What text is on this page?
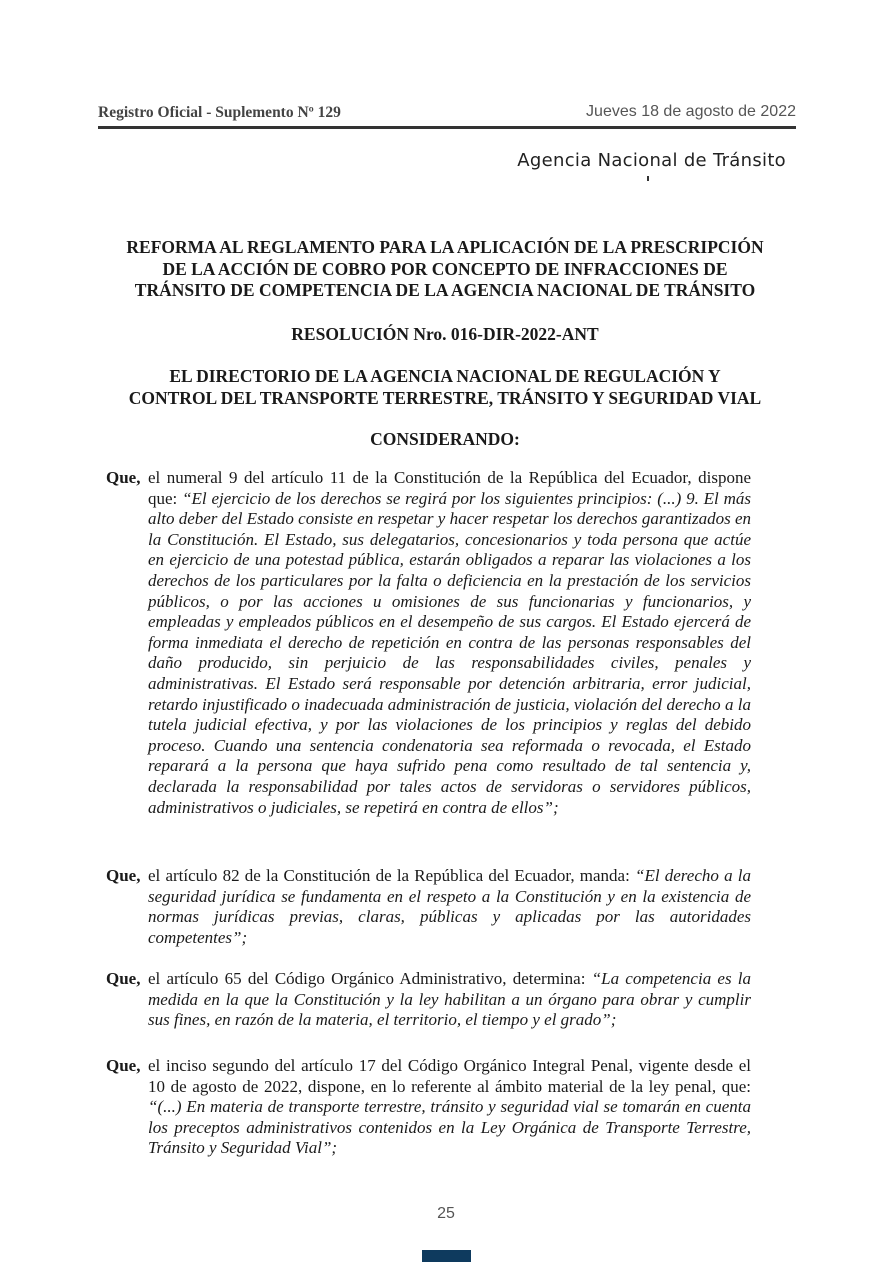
Registro Oficial - Suplemento Nº 129	Jueves 18 de agosto de 2022
Agencia Nacional de Tránsito
REFORMA AL REGLAMENTO PARA LA APLICACIÓN DE LA PRESCRIPCIÓN
DE LA ACCIÓN DE COBRO POR CONCEPTO DE INFRACCIONES DE
TRÁNSITO DE COMPETENCIA DE LA AGENCIA NACIONAL DE TRÁNSITO
RESOLUCIÓN Nro. 016-DIR-2022-ANT
EL DIRECTORIO DE LA AGENCIA NACIONAL DE REGULACIÓN Y
CONTROL DEL TRANSPORTE TERRESTRE, TRÁNSITO Y SEGURIDAD VIAL
CONSIDERANDO:
Que, el numeral 9 del artículo 11 de la Constitución de la República del Ecuador, dispone que: “El ejercicio de los derechos se regirá por los siguientes principios: (...) 9. El más alto deber del Estado consiste en respetar y hacer respetar los derechos garantizados en la Constitución. El Estado, sus delegatarios, concesionarios y toda persona que actúe en ejercicio de una potestad pública, estarán obligados a reparar las violaciones a los derechos de los particulares por la falta o deficiencia en la prestación de los servicios públicos, o por las acciones u omisiones de sus funcionarias y funcionarios, y empleadas y empleados públicos en el desempeño de sus cargos. El Estado ejercerá de forma inmediata el derecho de repetición en contra de las personas responsables del daño producido, sin perjuicio de las responsabilidades civiles, penales y administrativas. El Estado será responsable por detención arbitraria, error judicial, retardo injustificado o inadecuada administración de justicia, violación del derecho a la tutela judicial efectiva, y por las violaciones de los principios y reglas del debido proceso. Cuando una sentencia condenatoria sea reformada o revocada, el Estado reparará a la persona que haya sufrido pena como resultado de tal sentencia y, declarada la responsabilidad por tales actos de servidoras o servidores públicos, administrativos o judiciales, se repetirá en contra de ellos”;
Que, el artículo 82 de la Constitución de la República del Ecuador, manda: “El derecho a la seguridad jurídica se fundamenta en el respeto a la Constitución y en la existencia de normas jurídicas previas, claras, públicas y aplicadas por las autoridades competentes”;
Que, el artículo 65 del Código Orgánico Administrativo, determina: “La competencia es la medida en la que la Constitución y la ley habilitan a un órgano para obrar y cumplir sus fines, en razón de la materia, el territorio, el tiempo y el grado”;
Que, el inciso segundo del artículo 17 del Código Orgánico Integral Penal, vigente desde el 10 de agosto de 2022, dispone, en lo referente al ámbito material de la ley penal, que: “(...) En materia de transporte terrestre, tránsito y seguridad vial se tomarán en cuenta los preceptos administrativos contenidos en la Ley Orgánica de Transporte Terrestre, Tránsito y Seguridad Vial”;
25
